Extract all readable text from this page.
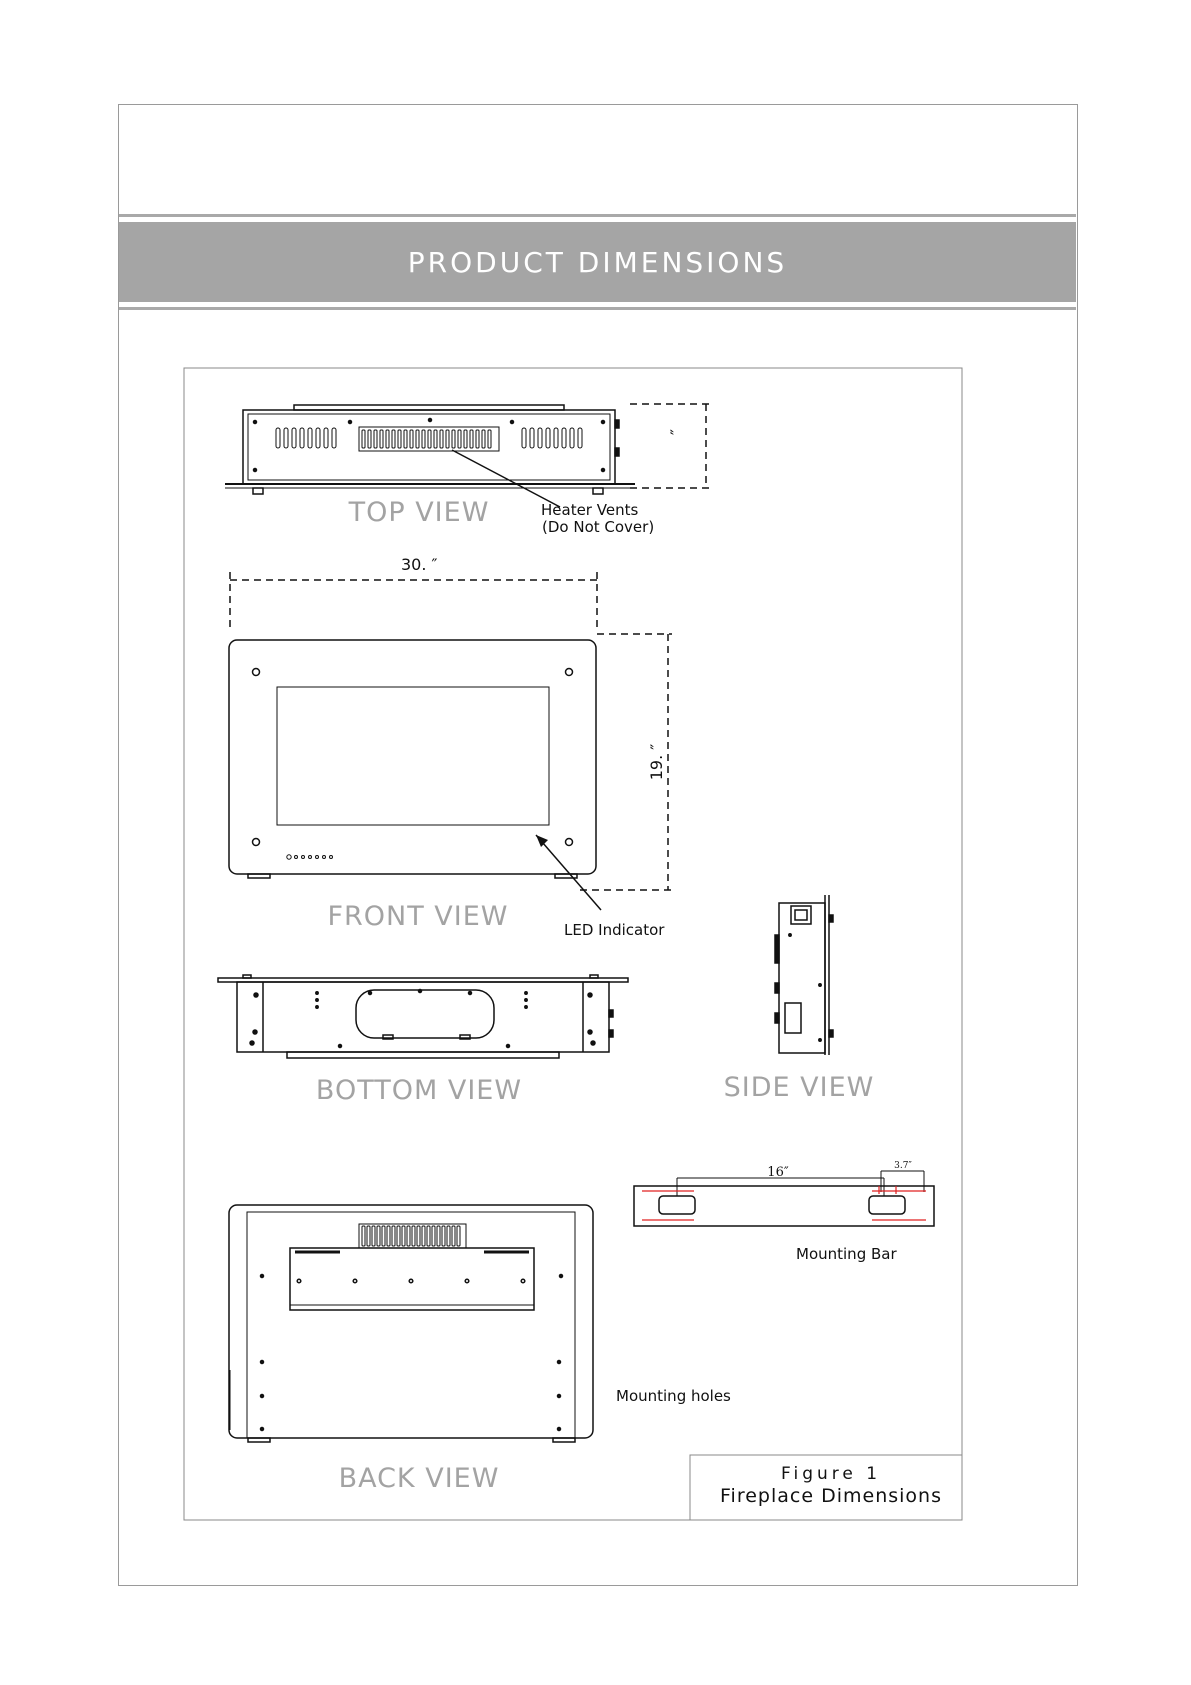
PRODUCT DIMENSIONS
″
Heater Vents
(Do Not Cover)
TOP VIEW
30. ″
19. ″
LED Indicator
FRONT VIEW
BOTTOM VIEW	SIDE VIEW
16″	3.7″
Mounting Bar
Mounting holes
BACK VIEW	Figure 1
Fireplace Dimensions
